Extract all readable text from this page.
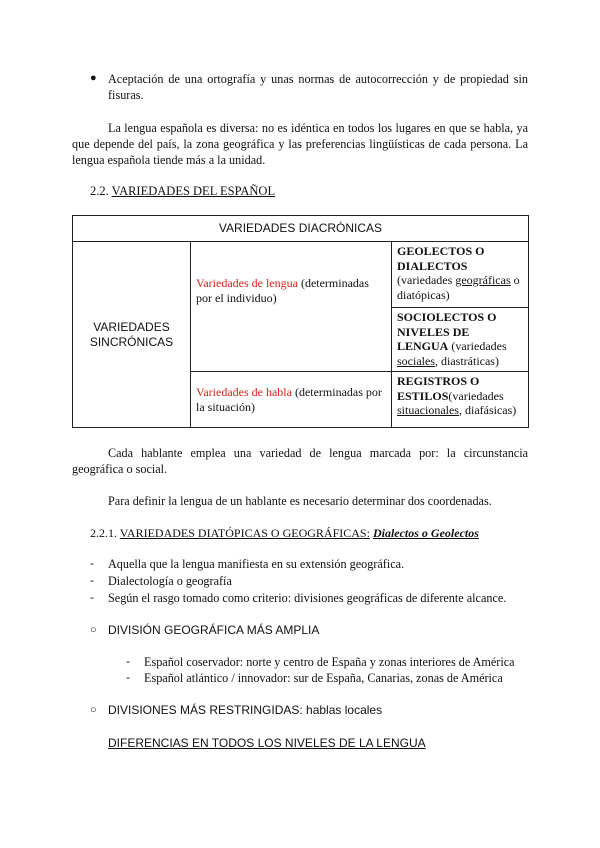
● Aceptación de una ortografía y unas normas de autocorrección y de propiedad sin fisuras.

La lengua española es diversa: no es idéntica en todos los lugares en que se habla, ya que depende del país, la zona geográfica y las preferencias lingüísticas de cada persona. La lengua española tiende más a la unidad.

2.2. VARIEDADES DEL ESPAÑOL
VARIEDADES DIACRÓNICAS		
VARIEDADES SINCRÓNICAS	Variedades de lengua (determinadas por el individuo)	GEOLECTOS O DIALECTOS
(variedades geográficas o diatópicas)
		SOCIOLECTOS O NIVELES DE LENGUA (variedades sociales, diastráticas)
	Variedades de habla (determinadas por la situación)	REGISTROS O ESTILOS(variedades situacionales, diafásicas)

Cada hablante emplea una variedad de lengua marcada por: la circunstancia geográfica o social.

Para definir la lengua de un hablante es necesario determinar dos coordenadas.

2.2.1. VARIEDADES DIATÓPICAS O GEOGRÁFICAS: Dialectos o Geolectos
- Aquella que la lengua manifiesta en su extensión geográfica.

- Dialectología o geografía

- Según el rasgo tomado como criterio: divisiones geográficas de diferente alcance.

○ DIVISIÓN GEOGRÁFICA MÁS AMPLIA

- Español coservador: norte y centro de España y zonas interiores de América

- Español atlántico / innovador: sur de España, Canarias, zonas de América

○ DIVISIONES MÁS RESTRINGIDAS: hablas locales

DIFERENCIAS EN TODOS LOS NIVELES DE LA LENGUA
